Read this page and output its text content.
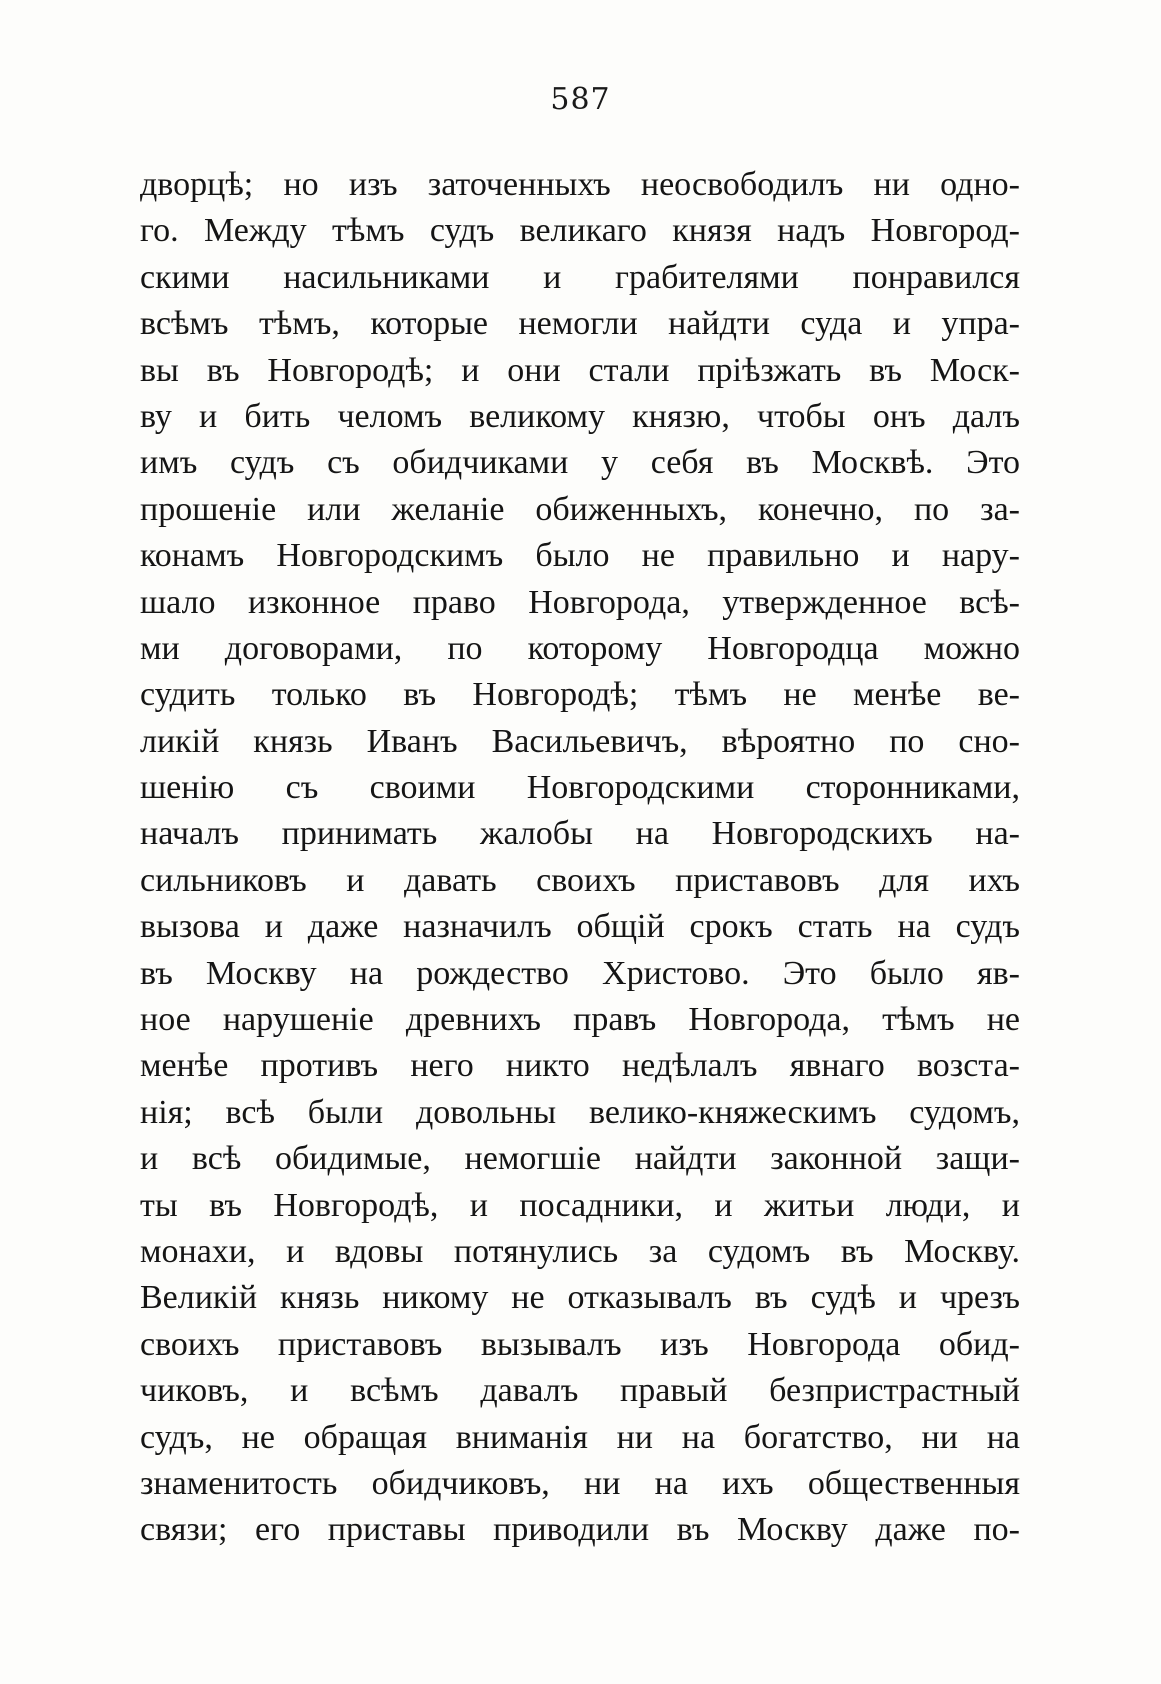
587
дворцѣ; но изъ заточенныхъ неосвободилъ ни одно-
го. Между тѣмъ судъ великаго князя надъ Новгород-
скими насильниками и грабителями понравился
всѣмъ тѣмъ, которые немогли найдти суда и упра-
вы въ Новгородѣ; и они стали прiѣзжать въ Моск-
ву и бить челомъ великому князю, чтобы онъ далъ
имъ судъ съ обидчиками у себя въ Москвѣ. Это
прошенiе или желанiе обиженныхъ, конечно, по за-
конамъ Новгородскимъ было не правильно и нару-
шало изконное право Новгорода, утвержденное всѣ-
ми договорами, по которому Новгородца можно
судить только въ Новгородѣ; тѣмъ не менѣе ве-
ликiй князь Иванъ Васильевичъ, вѣроятно по сно-
шенiю съ своими Новгородскими сторонниками,
началъ принимать жалобы на Новгородскихъ на-
сильниковъ и давать своихъ приставовъ для ихъ
вызова и даже назначилъ общiй срокъ стать на судъ
въ Москву на рождество Христово. Это было яв-
ное нарушенiе древнихъ правъ Новгорода, тѣмъ не
менѣе противъ него никто недѣлалъ явнаго возста-
нiя; всѣ были довольны велико-княжескимъ судомъ,
и всѣ обидимые, немогшiе найдти законной защи-
ты въ Новгородѣ, и посадники, и житьи люди, и
монахи, и вдовы потянулись за судомъ въ Москву.
Великiй князь никому не отказывалъ въ судѣ и чрезъ
своихъ приставовъ вызывалъ изъ Новгорода обид-
чиковъ, и всѣмъ давалъ правый безпристрастный
судъ, не обращая вниманiя ни на богатство, ни на
знаменитость обидчиковъ, ни на ихъ общественныя
связи; его приставы приводили въ Москву даже по-
